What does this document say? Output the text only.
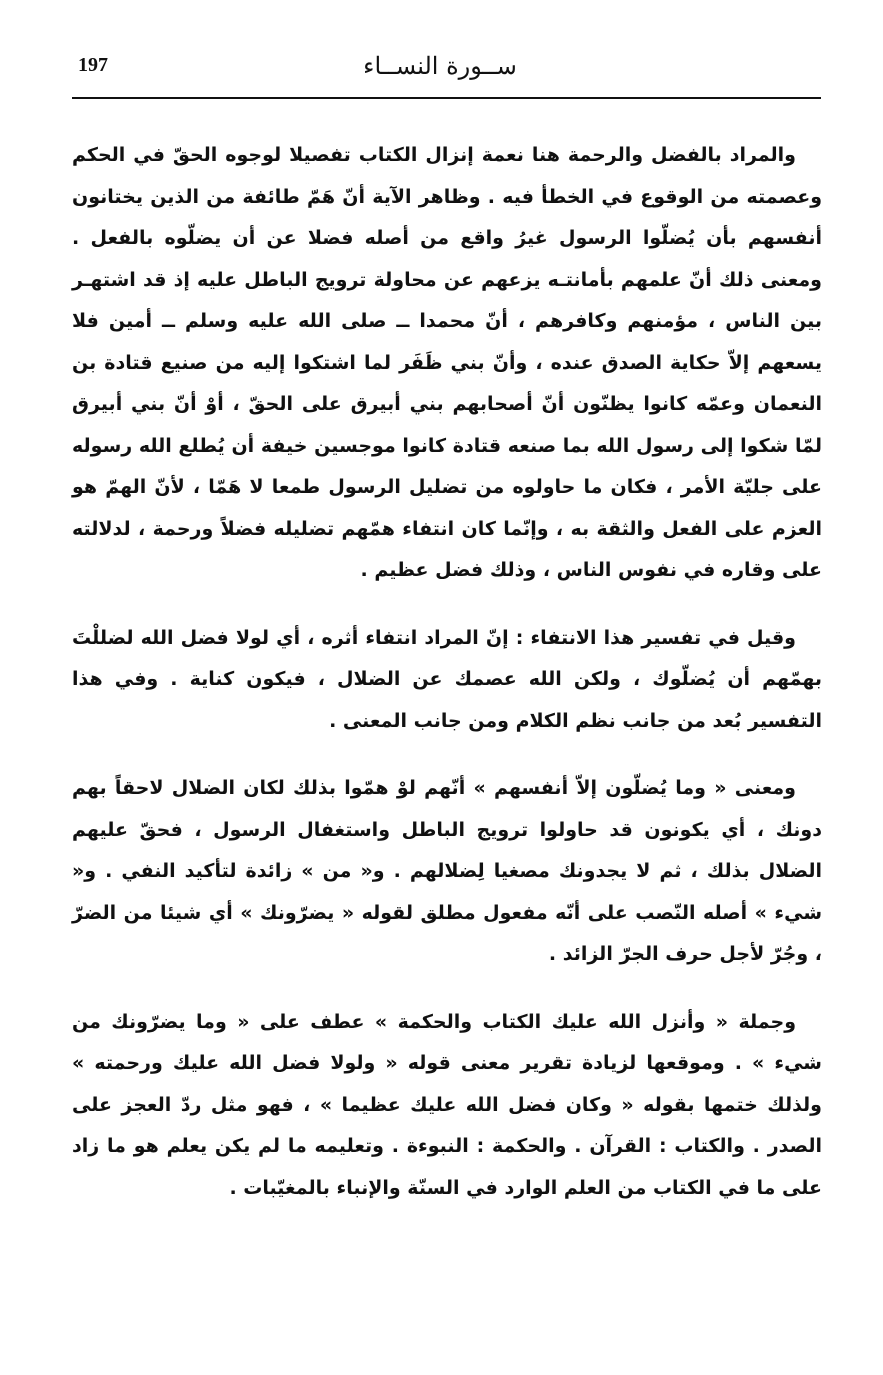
197	ســورة النســاء

والمراد بالفضل والرحمة هنا نعمة إنزال الكتاب تفصيلا لوجوه الحقّ في الحكم وعصمته من الوقوع في الخطأ فيه . وظاهر الآية أنّ هَمّ طائفة من الذين يختانون أنفسهم بأن يُضلّوا الرسول غيرُ واقع من أصله فضلا عن أن يضلّوه بالفعل . ومعنى ذلك أنّ علمهم بأمانتـه يزعهم عن محاولة ترويج الباطل عليه إذ قد اشتهـر بين الناس ، مؤمنهم وكافرهم ، أنّ محمدا ــ صلى الله عليه وسلم ــ أمين فلا يسعهم إلاّ حكاية الصدق عنده ، وأنّ بني ظَفَر لما اشتكوا إليه من صنيع قتادة بن النعمان وعمّه كانوا يظنّون أنّ أصحابهم بني أبيرق على الحقّ ، أوْ أنّ بني أبيرق لمّا شكوا إلى رسول الله بما صنعه قتادة كانوا موجسين خيفة أن يُطلع الله رسوله على جليّة الأمر ، فكان ما حاولوه من تضليل الرسول طمعا لا هَمّا ، لأنّ الهمّ هو العزم على الفعل والثقة به ، وإنّما كان انتفاء همّهم تضليله فضلاً ورحمة ، لدلالته على وقاره في نفوس الناس ، وذلك فضل عظيم .

وقيل في تفسير هذا الانتفاء : إنّ المراد انتفاء أثره ، أي لولا فضل الله لضللْتَ بهمّهم أن يُضلّوك ، ولكن الله عصمك عن الضلال ، فيكون كناية . وفي هذا التفسير بُعد من جانب نظم الكلام ومن جانب المعنى .

ومعنى « وما يُضلّون إلاّ أنفسهم » أنّهم لوْ همّوا بذلك لكان الضلال لاحقاً بهم دونك ، أي يكونون قد حاولوا ترويج الباطل واستغفال الرسول ، فحقّ عليهم الضلال بذلك ، ثم لا يجدونك مصغيا لِضلالهم . و« من » زائدة لتأكيد النفي . و« شيء » أصله النّصب على أنّه مفعول مطلق لقوله « يضرّونك » أي شيئا من الضرّ ، وجُرّ لأجل حرف الجرّ الزائد .

وجملة « وأنزل الله عليك الكتاب والحكمة » عطف على « وما يضرّونك من شيء » . وموقعها لزيادة تقرير معنى قوله « ولولا فضل الله عليك ورحمته » ولذلك ختمها بقوله « وكان فضل الله عليك عظيما » ، فهو مثل ردّ العجز على الصدر . والكتاب : القرآن . والحكمة : النبوءة . وتعليمه ما لم يكن يعلم هو ما زاد على ما في الكتاب من العلم الوارد في السنّة والإنباء بالمغيّبات .
